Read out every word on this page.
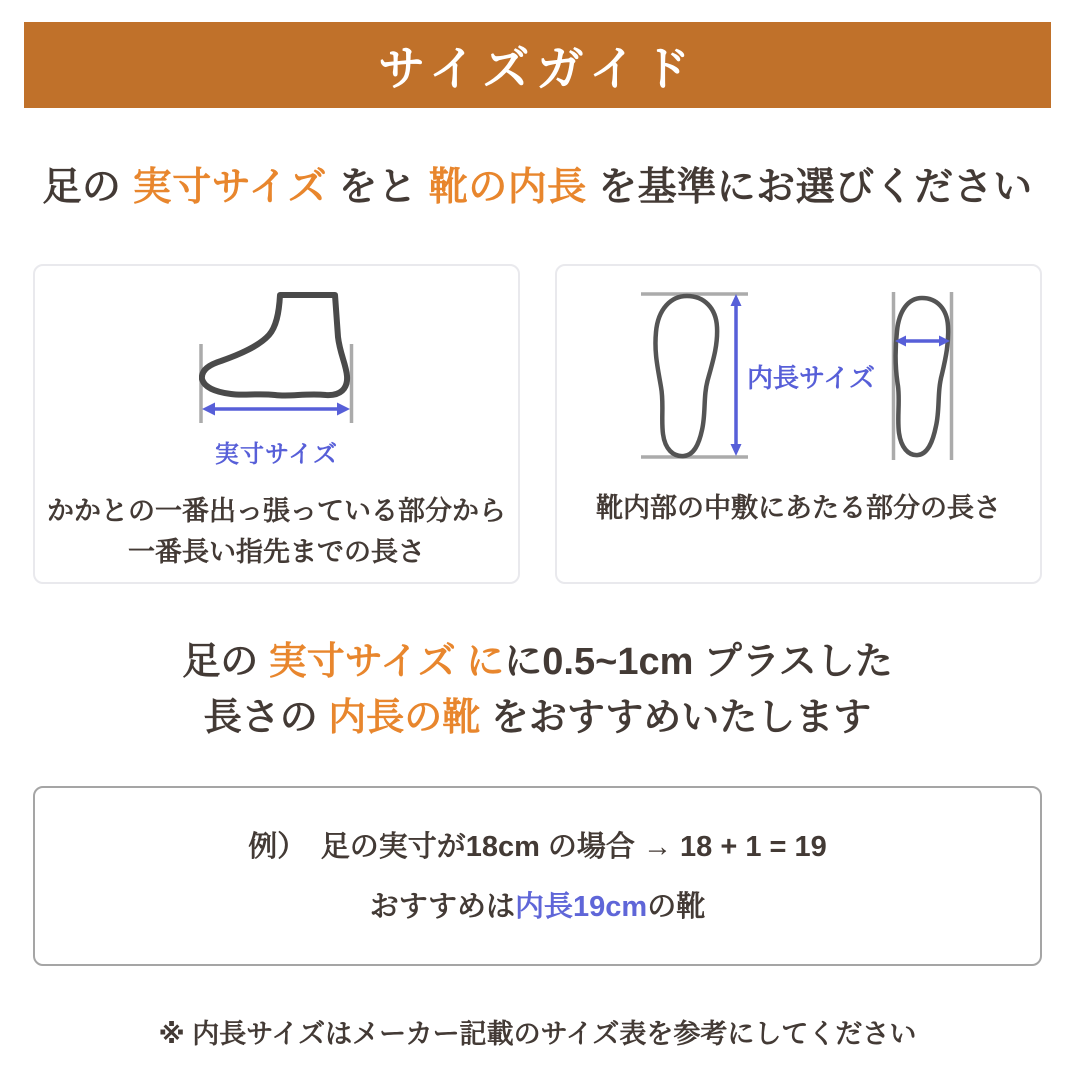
サイズガイド

足の 実寸サイズ をと 靴の内長 を基準にお選びください

実寸サイズ

かかとの一番出っ張っている部分から
一番長い指先までの長さ

内長サイズ

靴内部の中敷にあたる部分の長さ

足の 実寸サイズ にに0.5~1cm プラスした

長さの 内長の靴 をおすすめいたします

例）　足の実寸が18cm の場合 → 18 + 1 = 19

おすすめは内長19cmの靴

※ 内長サイズはメーカー記載のサイズ表を参考にしてください
